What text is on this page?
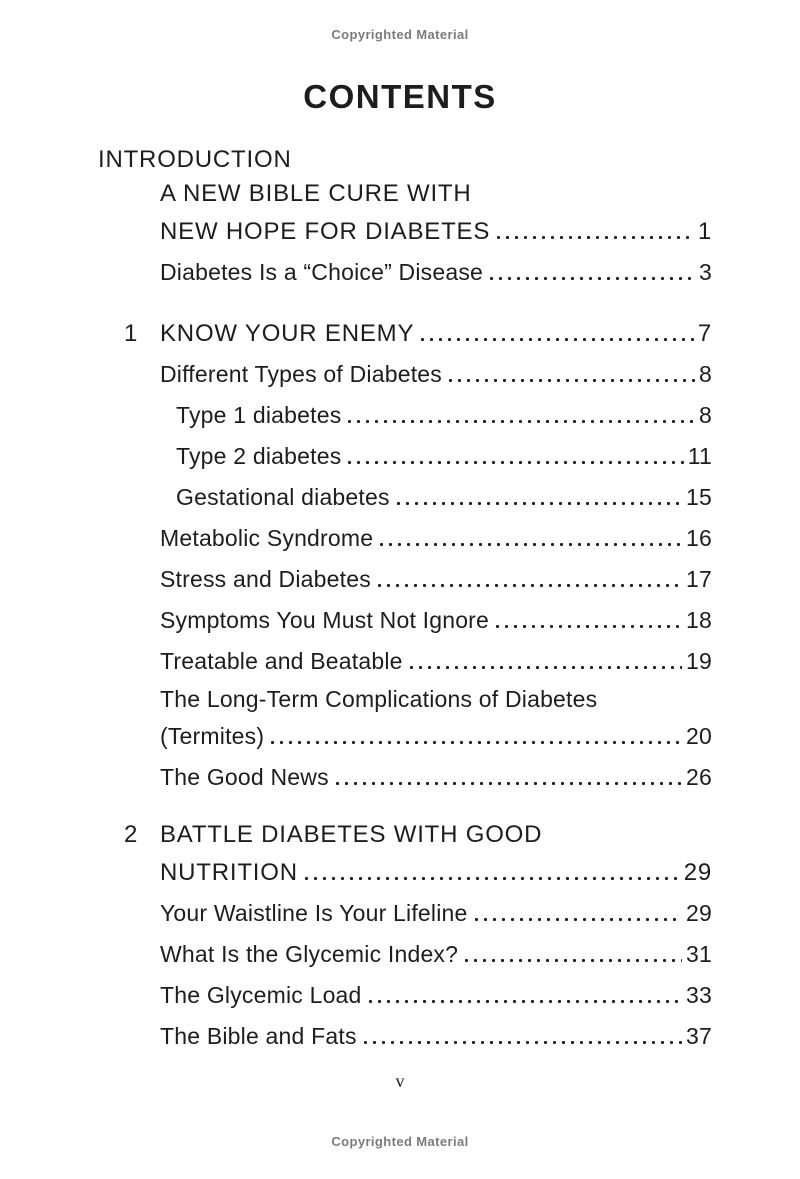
Copyrighted Material
CONTENTS
INTRODUCTION
A NEW BIBLE CURE WITH
NEW HOPE FOR DIABETES	1
Diabetes Is a “Choice” Disease	3
1 KNOW YOUR ENEMY	7
Different Types of Diabetes	8
Type 1 diabetes	8
Type 2 diabetes	11
Gestational diabetes	15
Metabolic Syndrome	16
Stress and Diabetes	17
Symptoms You Must Not Ignore	18
Treatable and Beatable	19
The Long-Term Complications of Diabetes
(Termites)	20
The Good News	26
2 BATTLE DIABETES WITH GOOD
NUTRITION	29
Your Waistline Is Your Lifeline	29
What Is the Glycemic Index?	31
The Glycemic Load	33
The Bible and Fats	37
v
Copyrighted Material
